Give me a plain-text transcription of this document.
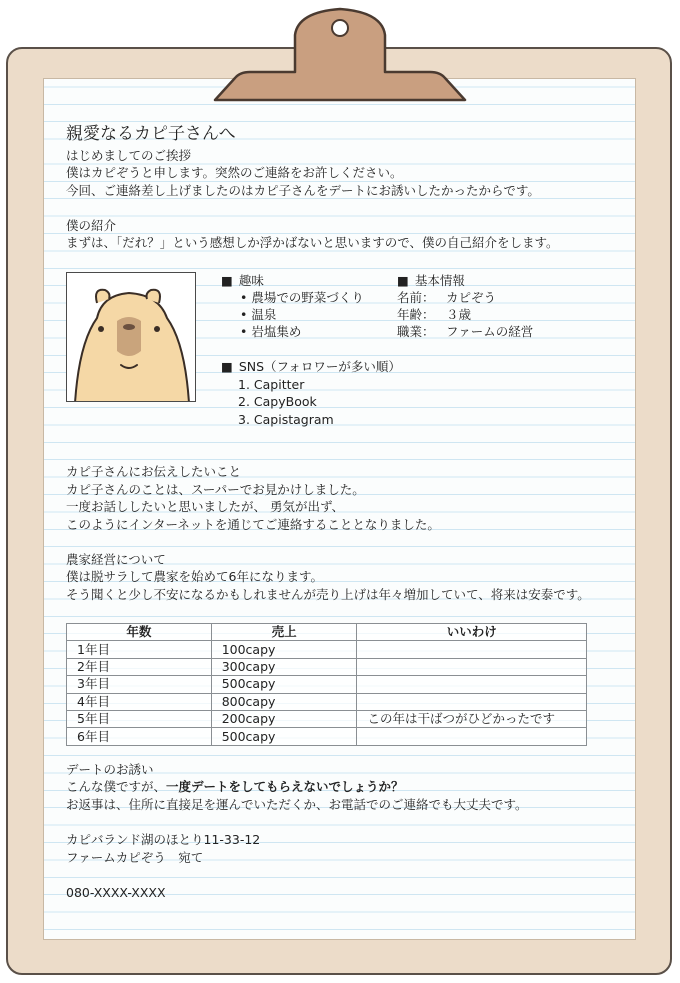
親愛なるカピ子さんへ
はじめましてのご挨拶
僕はカピぞうと申します。突然のご連絡をお許しください。
今回、ご連絡差し上げましたのはカピ子さんをデートにお誘いしたかったからです。
僕の紹介
まずは、「だれ？」という感想しか浮かばないと思いますので、僕の自己紹介をします。
■ 趣味
• 農場での野菜づくり
• 温泉
• 岩塩集め
■ 基本情報
名前： カピぞう
年齢： ３歳
職業： ファームの経営
■ SNS（フォロワーが多い順）
1. Capitter
2. CapyBook
3. Capistagram
カピ子さんにお伝えしたいこと
カピ子さんのことは、スーパーでお見かけしました。
一度お話ししたいと思いましたが、 勇気が出ず、
このようにインターネットを通じてご連絡することとなりました。
農家経営について
僕は脱サラして農家を始めて6年になります。
そう聞くと少し不安になるかもしれませんが売り上げは年々増加していて、将来は安泰です。
デートのお誘い
こんな僕ですが、一度デートをしてもらえないでしょうか？
お返事は、住所に直接足を運んでいただくか、お電話でのご連絡でも大丈夫です。
カピバランド湖のほとり11-33-12
ファームカピぞう　宛て
080-XXXX-XXXX
年数	売上	いいわけ
1年目	100capy	
2年目	300capy	
3年目	500capy	
4年目	800capy	
5年目	200capy	この年は干ばつがひどかったです
6年目	500capy	
